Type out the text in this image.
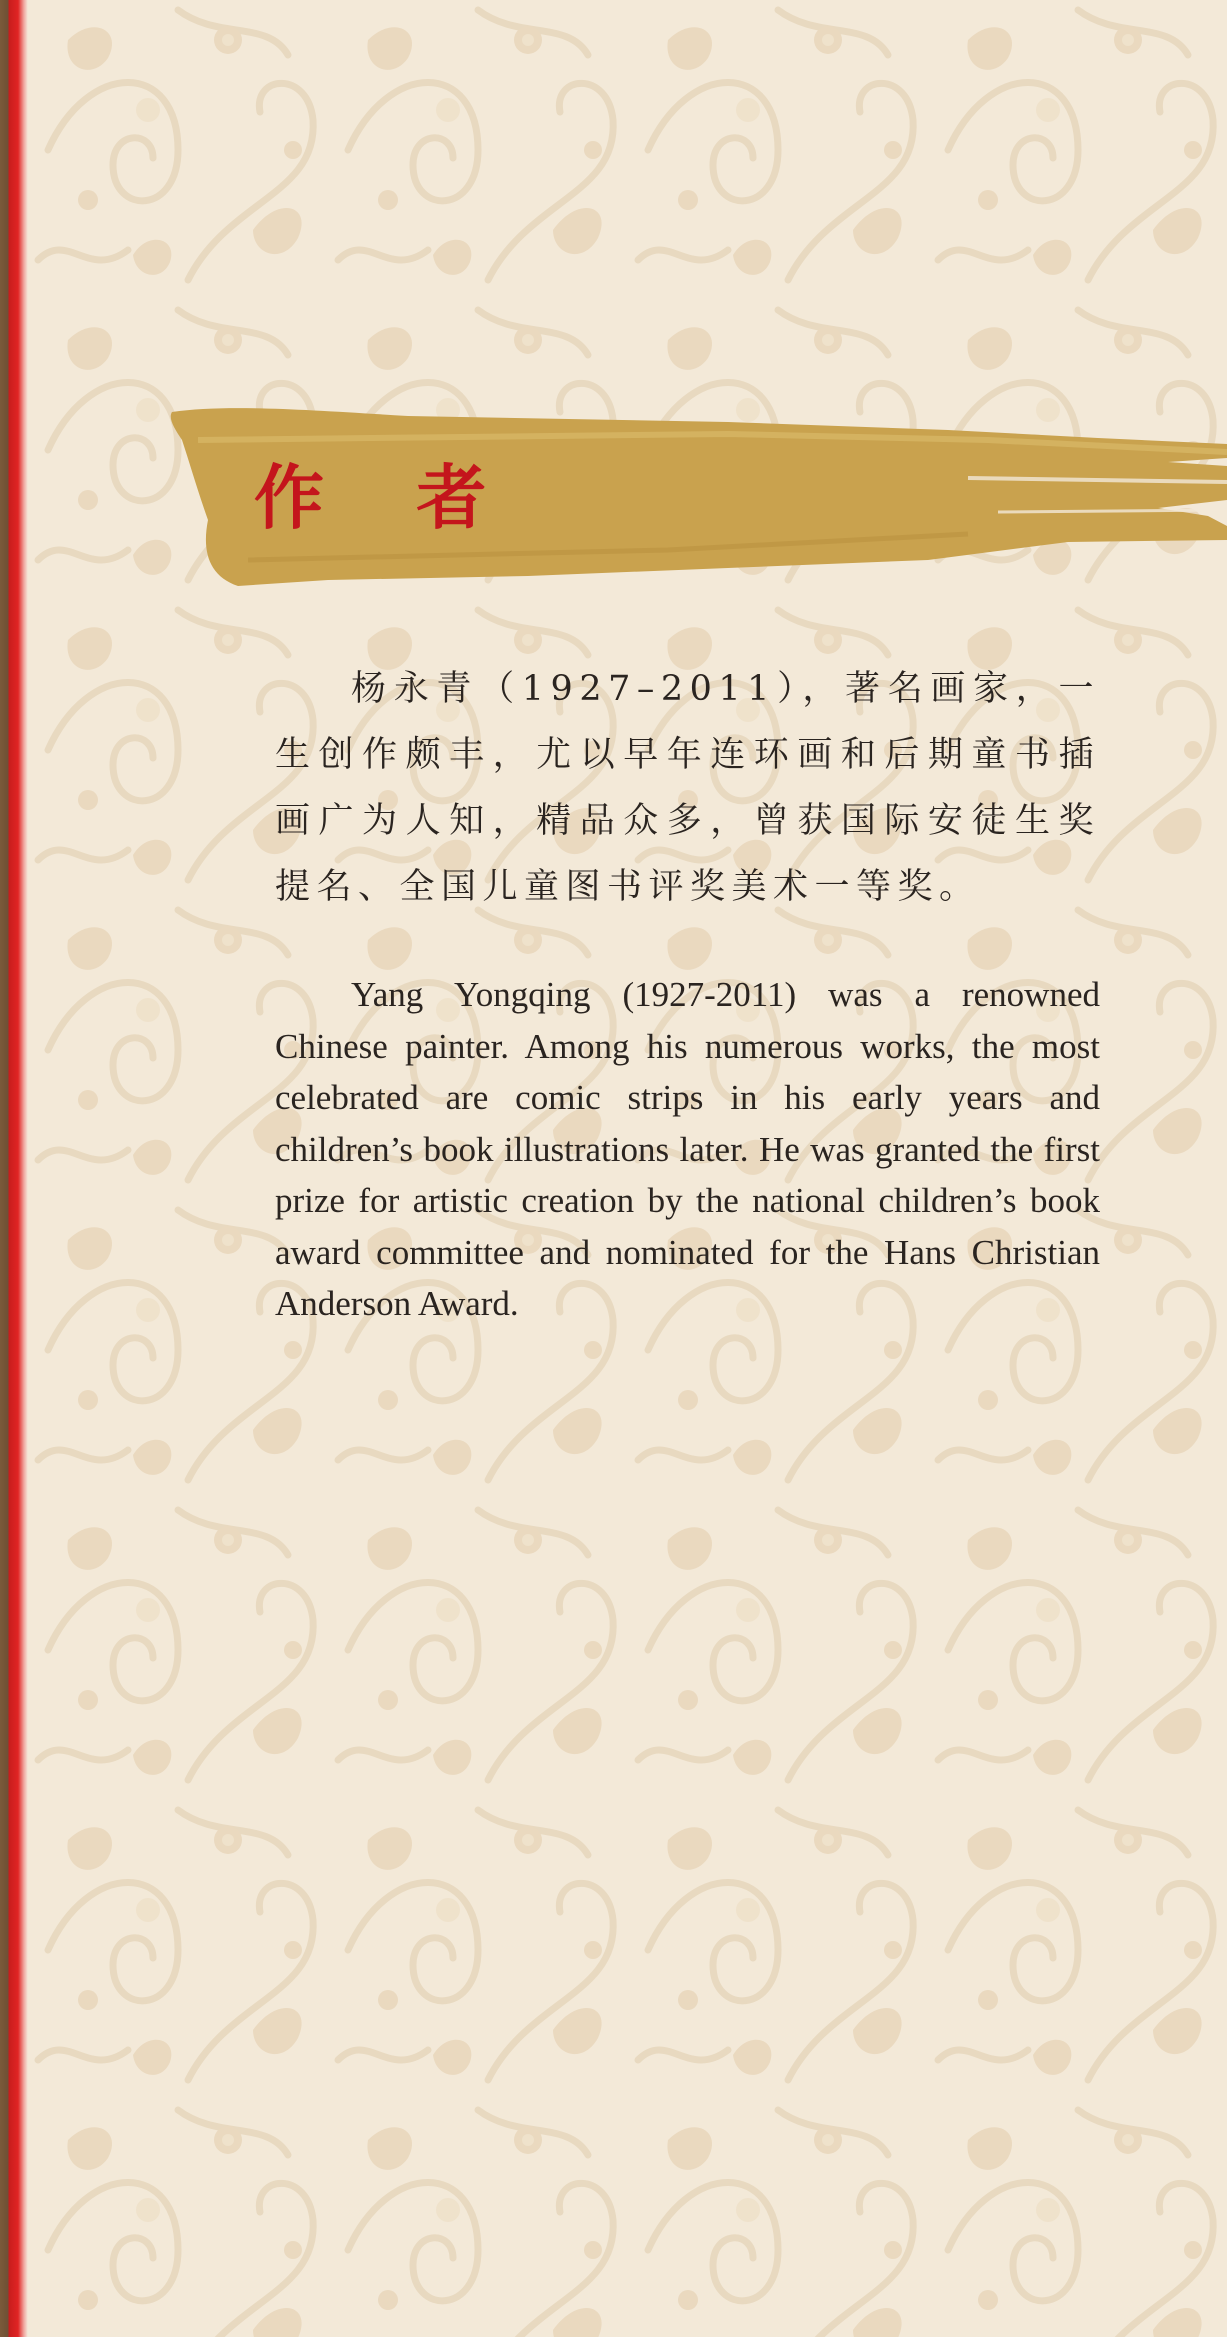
作 者

杨永青（1927–2011），著名画家，一生创作颇丰，尤以早年连环画和后期童书插画广为人知，精品众多，曾获国际安徒生奖提名、全国儿童图书评奖美术一等奖。

Yang Yongqing (1927-2011) was a renowned Chinese painter. Among his numerous works, the most celebrated are comic strips in his early years and children’s book illustrations later. He was granted the first prize for artistic creation by the national children’s book award committee and nominated for the Hans Christian Anderson Award.
